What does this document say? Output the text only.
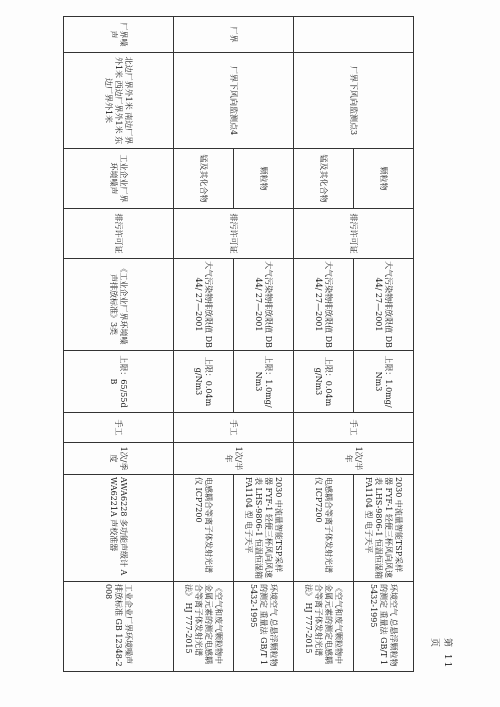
	厂界下风向监测点3	颗粒物	排污许可证	大气污染物排放限值 DB44/ 27—2001	上限：1.0mg/Nm3	手工	1次/半年	2030 中流量智能TSP采样器 FYF-1 轻便三杯风向风速表 LHS-9806-1 恒温恒湿箱 FA1104 型 电子天平	环境空气 总悬浮颗粒物的测定 重量法 GB/T 15432-1995
		锰及其化合物		大气污染物排放限值 DB44/ 27—2001	上限：0.04mg/Nm3			电感耦合等离子体发射光谱仪 ICP7200	《空气和废气颗粒物中金属元素的测定电感耦合等离子体发射光谱法》 HJ 777-2015
厂界	厂界下风向监测点4	颗粒物	排污许可证	大气污染物排放限值 DB44/ 27—2001	上限：1.0mg/Nm3	手工	1次/半年	2030 中流量智能TSP采样器 FYF-1 轻便三杯风向风速表 LHS-9806-1 恒温恒湿箱 FA1104 型 电子天平	环境空气 总悬浮颗粒物的测定 重量法 GB/T 15432-1995
		锰及其化合物		大气污染物排放限值 DB44/ 27—2001	上限：0.04mg/Nm3			电感耦合等离子体发射光谱仪 ICP7200	《空气和废气颗粒物中金属元素的测定电感耦合等离子体发射光谱法》 HJ 777-2015
厂界噪声	北边厂界外1米 南边厂界外1米 西边厂界外1米 东边厂界外1米	工业企业厂界环境噪声	排污许可证	《工业企业厂界环境噪声排放标准》3类	上限：65/55dB	手工	1次/季度	AWA6228 多功能声级计 AWA6221A 声校准器	工业企业厂界环境噪声排放标准 GB 12348-2008
第 11 页
